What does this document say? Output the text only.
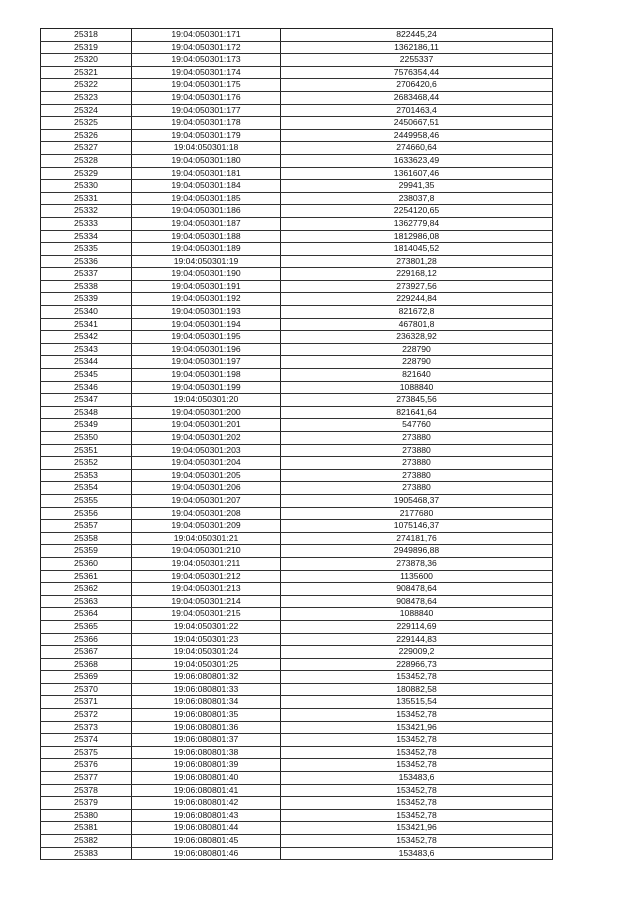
25318	19:04:050301:171	822445,24
25319	19:04:050301:172	1362186,11
25320	19:04:050301:173	2255337
25321	19:04:050301:174	7576354,44
25322	19:04:050301:175	2706420,6
25323	19:04:050301:176	2683468,44
25324	19:04:050301:177	2701463,4
25325	19:04:050301:178	2450667,51
25326	19:04:050301:179	2449958,46
25327	19:04:050301:18	274660,64
25328	19:04:050301:180	1633623,49
25329	19:04:050301:181	1361607,46
25330	19:04:050301:184	29941,35
25331	19:04:050301:185	238037,8
25332	19:04:050301:186	2254120,65
25333	19:04:050301:187	1362779,84
25334	19:04:050301:188	1812986,08
25335	19:04:050301:189	1814045,52
25336	19:04:050301:19	273801,28
25337	19:04:050301:190	229168,12
25338	19:04:050301:191	273927,56
25339	19:04:050301:192	229244,84
25340	19:04:050301:193	821672,8
25341	19:04:050301:194	467801,8
25342	19:04:050301:195	236328,92
25343	19:04:050301:196	228790
25344	19:04:050301:197	228790
25345	19:04:050301:198	821640
25346	19:04:050301:199	1088840
25347	19:04:050301:20	273845,56
25348	19:04:050301:200	821641,64
25349	19:04:050301:201	547760
25350	19:04:050301:202	273880
25351	19:04:050301:203	273880
25352	19:04:050301:204	273880
25353	19:04:050301:205	273880
25354	19:04:050301:206	273880
25355	19:04:050301:207	1905468,37
25356	19:04:050301:208	2177680
25357	19:04:050301:209	1075146,37
25358	19:04:050301:21	274181,76
25359	19:04:050301:210	2949896,88
25360	19:04:050301:211	273878,36
25361	19:04:050301:212	1135600
25362	19:04:050301:213	908478,64
25363	19:04:050301:214	908478,64
25364	19:04:050301:215	1088840
25365	19:04:050301:22	229114,69
25366	19:04:050301:23	229144,83
25367	19:04:050301:24	229009,2
25368	19:04:050301:25	228966,73
25369	19:06:080801:32	153452,78
25370	19:06:080801:33	180882,58
25371	19:06:080801:34	135515,54
25372	19:06:080801:35	153452,78
25373	19:06:080801:36	153421,96
25374	19:06:080801:37	153452,78
25375	19:06:080801:38	153452,78
25376	19:06:080801:39	153452,78
25377	19:06:080801:40	153483,6
25378	19:06:080801:41	153452,78
25379	19:06:080801:42	153452,78
25380	19:06:080801:43	153452,78
25381	19:06:080801:44	153421,96
25382	19:06:080801:45	153452,78
25383	19:06:080801:46	153483,6
